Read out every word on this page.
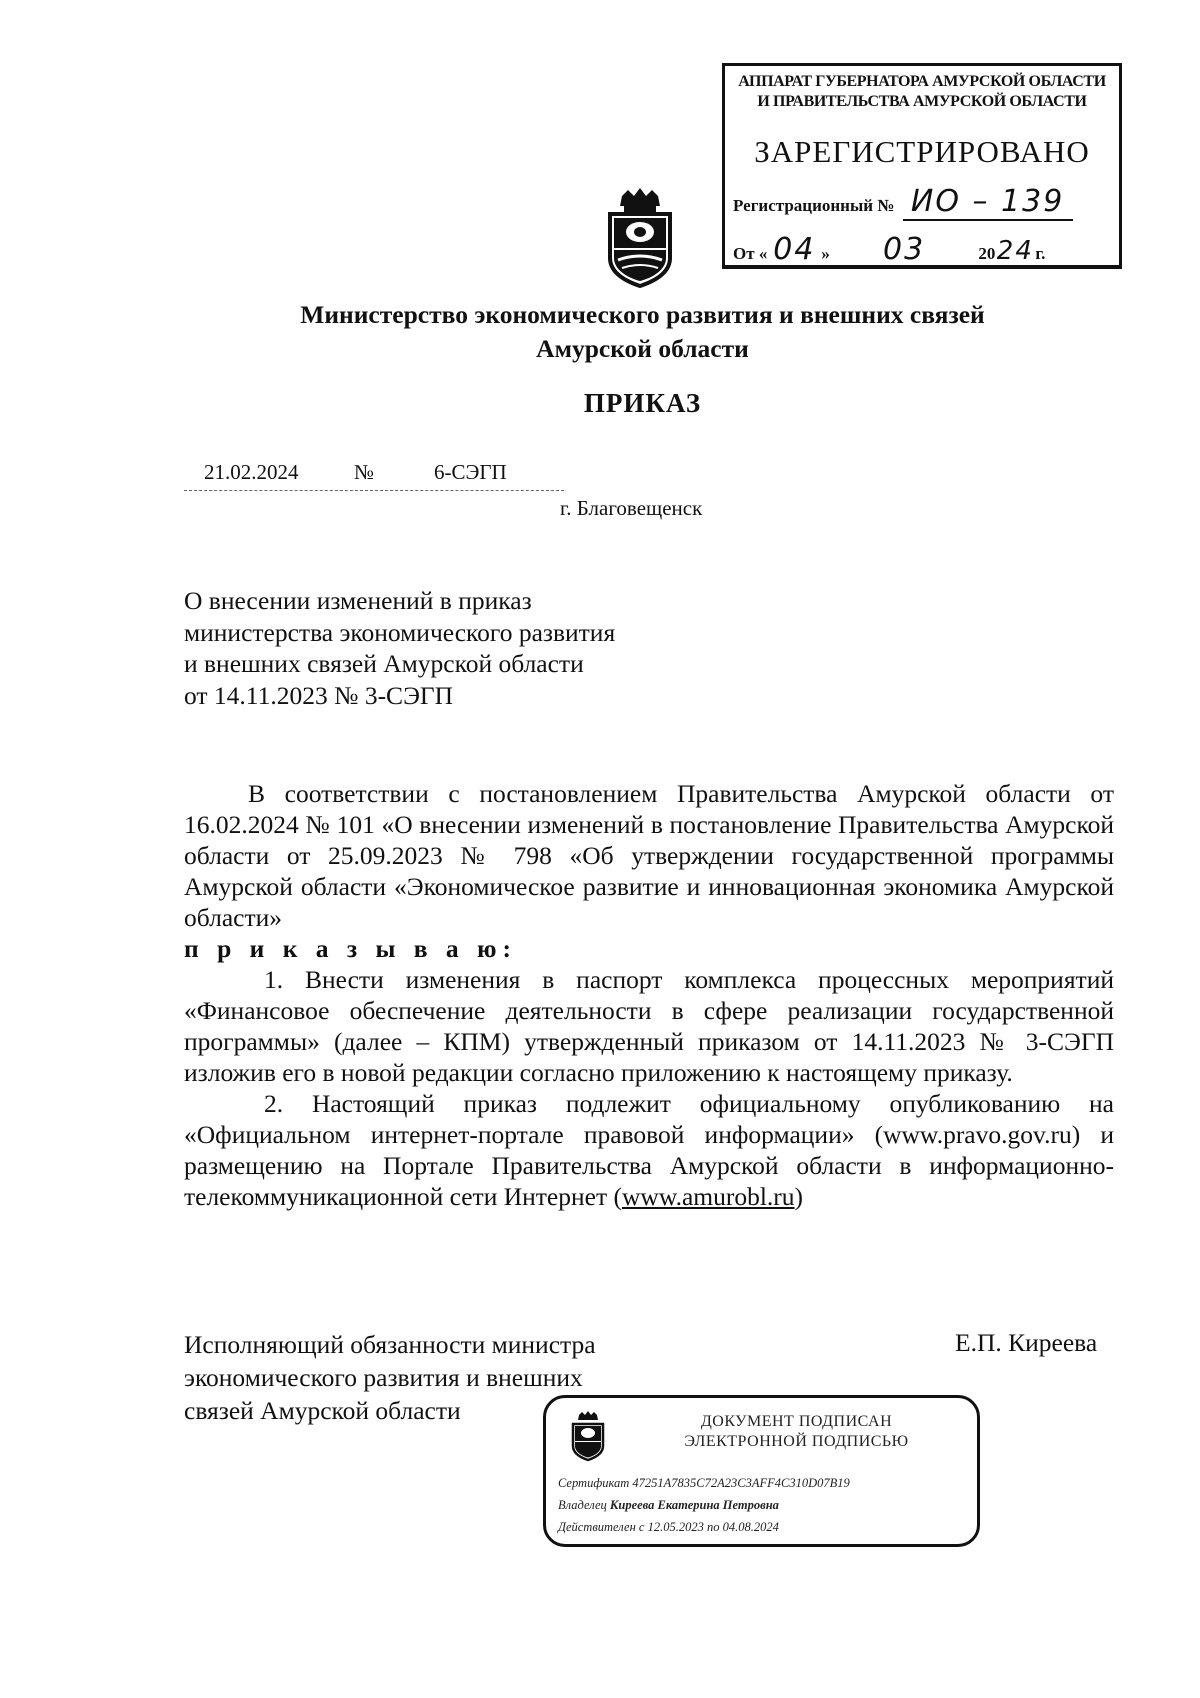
АППАРАТ ГУБЕРНАТОРА АМУРСКОЙ ОБЛАСТИ
И ПРАВИТЕЛЬСТВА АМУРСКОЙ ОБЛАСТИ
ЗАРЕГИСТРИРОВАНО
Регистрационный № ИО – 139
От « 04 » 03	2024г.
Министерство экономического развития и внешних связей
Амурской области
ПРИКАЗ
21.02.2024	№	6-СЭГП
г. Благовещенск
О внесении изменений в приказ
министерства экономического развития
и внешних связей Амурской области
от 14.11.2023 № 3-СЭГП

В соответствии с постановлением Правительства Амурской области от 16.02.2024 № 101 «О внесении изменений в постановление Правительства Амурской области от 25.09.2023 № 798 «Об утверждении государственной программы Амурской области «Экономическое развитие и инновационная экономика Амурской области»

п р и к а з ы в а ю:

1. Внести изменения в паспорт комплекса процессных мероприятий «Финансовое обеспечение деятельности в сфере реализации государственной программы» (далее – КПМ) утвержденный приказом от 14.11.2023 № 3-СЭГП изложив его в новой редакции согласно приложению к настоящему приказу.

2. Настоящий приказ подлежит официальному опубликованию на «Официальном интернет-портале правовой информации» (www.pravo.gov.ru) и размещению на Портале Правительства Амурской области в информационно-телекоммуникационной сети Интернет (www.amurobl.ru)

Исполняющий обязанности министра
экономического развития и внешних
связей Амурской области
Е.П. Киреева
ДОКУМЕНТ ПОДПИСАН
ЭЛЕКТРОННОЙ ПОДПИСЬЮ
Сертификат 47251A7835C72A23C3AFF4C310D07B19
Владелец Киреева Екатерина Петровна
Действителен с 12.05.2023 по 04.08.2024
